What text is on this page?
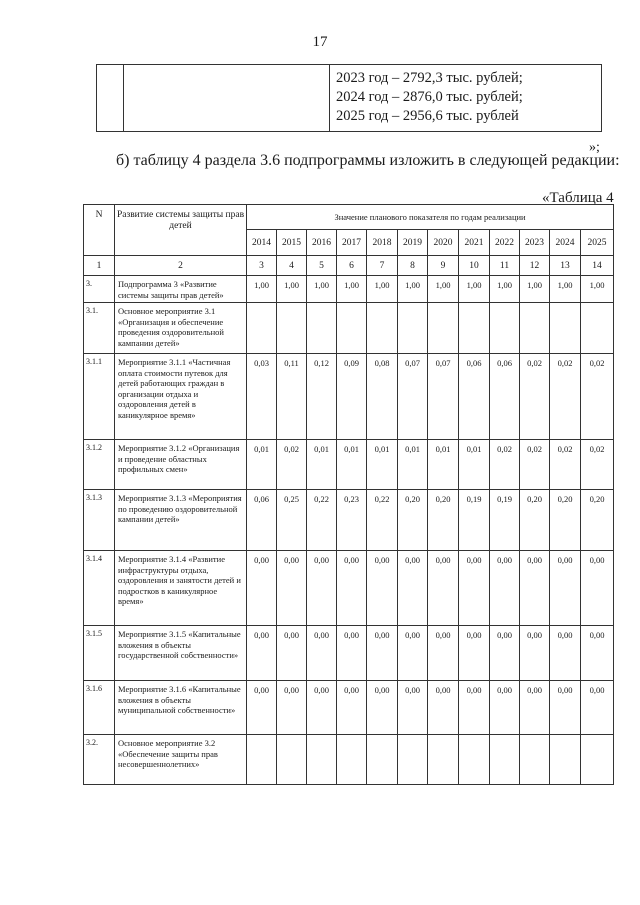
17

2023 год – 2792,3 тыс. рублей;
2024 год – 2876,0 тыс. рублей;
2025 год – 2956,6 тыс. рублей
»;
б) таблицу 4 раздела 3.6 подпрограммы изложить в следующей редакции:
«Таблица 4
N	Развитие системы защиты прав детей	Значение планового показателя по годам реализации											
		2014	2015	2016	2017	2018	2019	2020	2021	2022	2023	2024	2025
1	2	3	4	5	6	7	8	9	10	11	12	13	14
3.	Подпрограмма 3 «Развитие системы защиты прав детей»	1,00	1,00	1,00	1,00	1,00	1,00	1,00	1,00	1,00	1,00	1,00	1,00
3.1.	Основное мероприятие 3.1 «Организация и обеспечение проведения оздоровительной кампании детей»												
3.1.1	Мероприятие 3.1.1 «Частичная оплата стоимости путевок для детей работающих граждан в организации отдыха и оздоровления детей в каникулярное время»	0,03	0,11	0,12	0,09	0,08	0,07	0,07	0,06	0,06	0,02	0,02	0,02
3.1.2	Мероприятие 3.1.2 «Организация и проведение областных профильных смен»	0,01	0,02	0,01	0,01	0,01	0,01	0,01	0,01	0,02	0,02	0,02	0,02
3.1.3	Мероприятие 3.1.3 «Мероприятия по проведению оздоровительной кампании детей»	0,06	0,25	0,22	0,23	0,22	0,20	0,20	0,19	0,19	0,20	0,20	0,20
3.1.4	Мероприятие 3.1.4 «Развитие инфраструктуры отдыха, оздоровления и занятости детей и подростков в каникулярное время»	0,00	0,00	0,00	0,00	0,00	0,00	0,00	0,00	0,00	0,00	0,00	0,00
3.1.5	Мероприятие 3.1.5 «Капитальные вложения в объекты государственной собственности»	0,00	0,00	0,00	0,00	0,00	0,00	0,00	0,00	0,00	0,00	0,00	0,00
3.1.6	Мероприятие 3.1.6 «Капитальные вложения в объекты муниципальной собственности»	0,00	0,00	0,00	0,00	0,00	0,00	0,00	0,00	0,00	0,00	0,00	0,00
3.2.	Основное мероприятие 3.2 «Обеспечение защиты прав несовершеннолетних»												
